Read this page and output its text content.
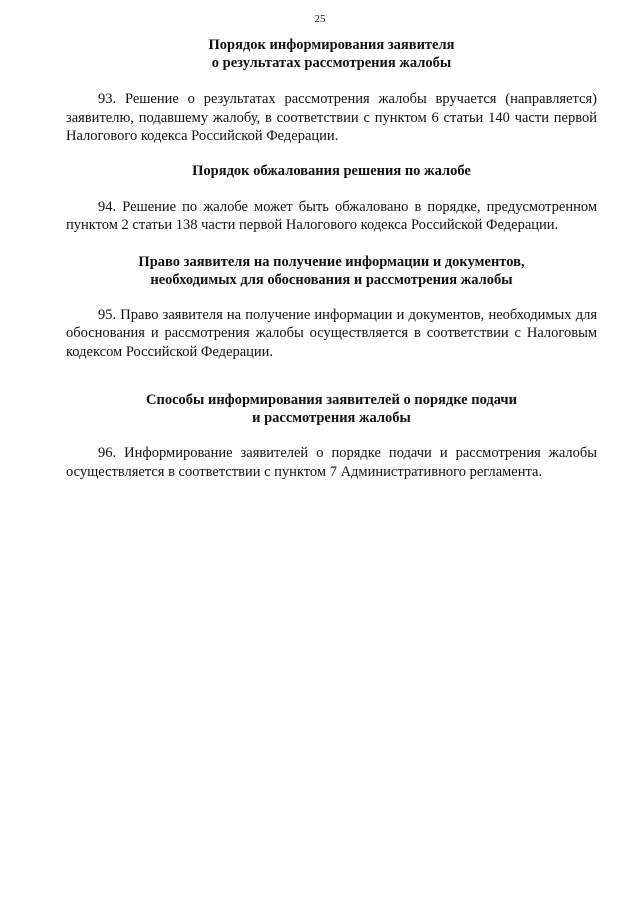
25
Порядок информирования заявителя
о результатах рассмотрения жалобы

93. Решение о результатах рассмотрения жалобы вручается (направляется) заявителю, подавшему жалобу, в соответствии с пунктом 6 статьи 140 части первой Налогового кодекса Российской Федерации.

Порядок обжалования решения по жалобе

94. Решение по жалобе может быть обжаловано в порядке, предусмотренном пунктом 2 статьи 138 части первой Налогового кодекса Российской Федерации.

Право заявителя на получение информации и документов,
необходимых для обоснования и рассмотрения жалобы

95. Право заявителя на получение информации и документов, необходимых для обоснования и рассмотрения жалобы осуществляется в соответствии с Налоговым кодексом Российской Федерации.

Способы информирования заявителей о порядке подачи
и рассмотрения жалобы

96. Информирование заявителей о порядке подачи и рассмотрения жалобы осуществляется в соответствии с пунктом 7 Административного регламента.
